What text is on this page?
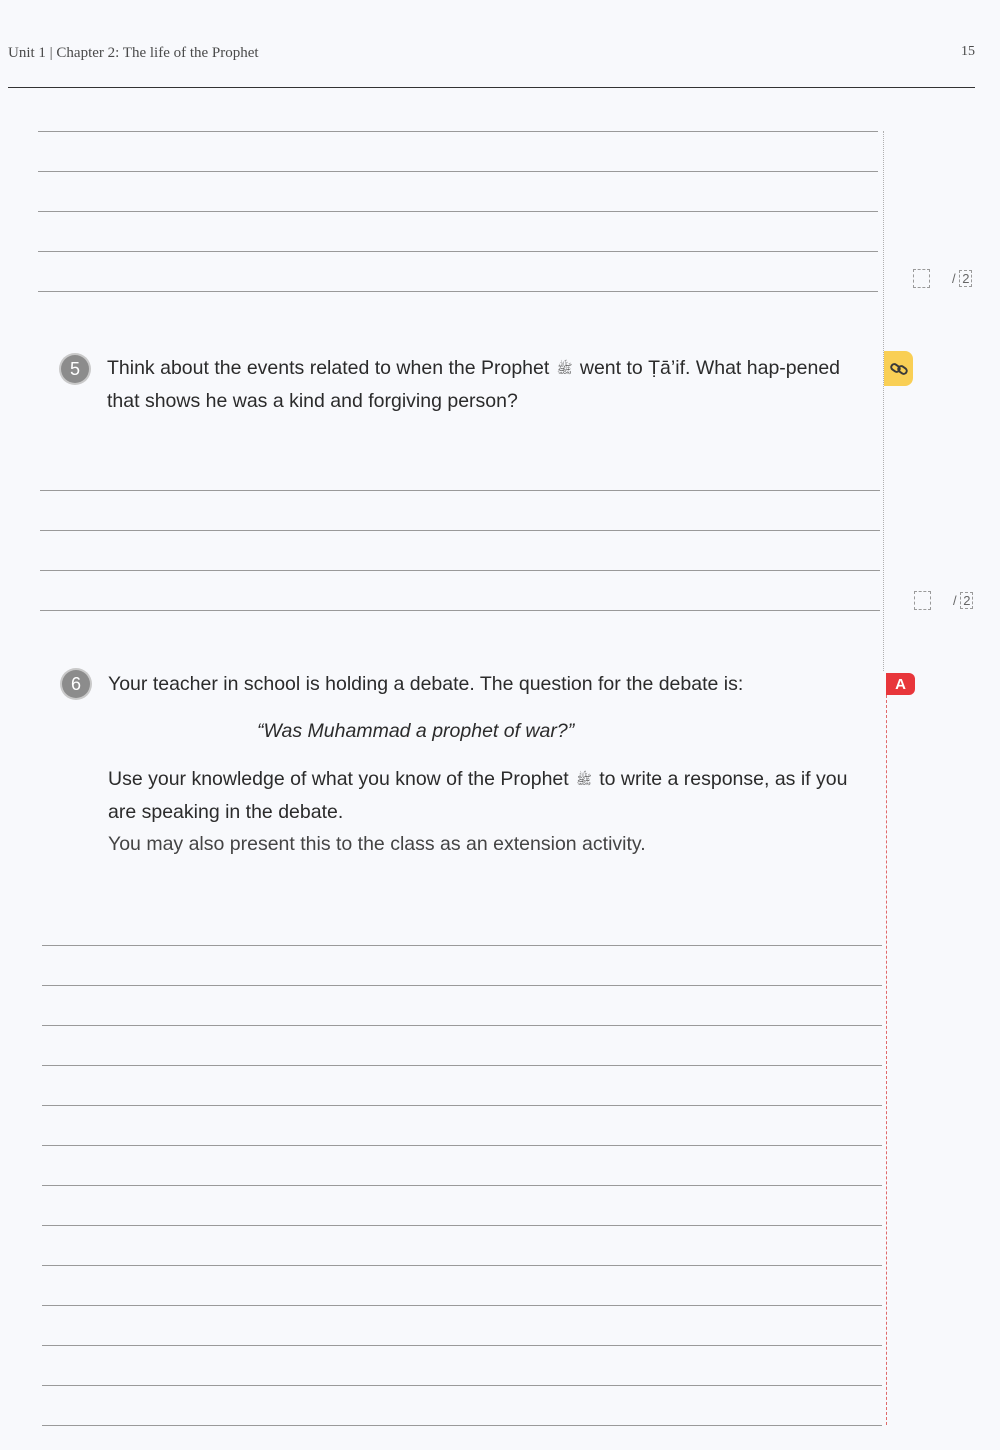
Unit 1 | Chapter 2: The life of the Prophet	15
/ 2
5	Think about the events related to when the Prophet ﷺ went to Ṭā’if. What hap-pened that shows he was a kind and forgiving person?
/ 2
6	Your teacher in school is holding a debate. The question for the debate is:	A
“Was Muhammad a prophet of war?”
Use your knowledge of what you know of the Prophet ﷺ to write a response, as if you are speaking in the debate.
You may also present this to the class as an extension activity.
